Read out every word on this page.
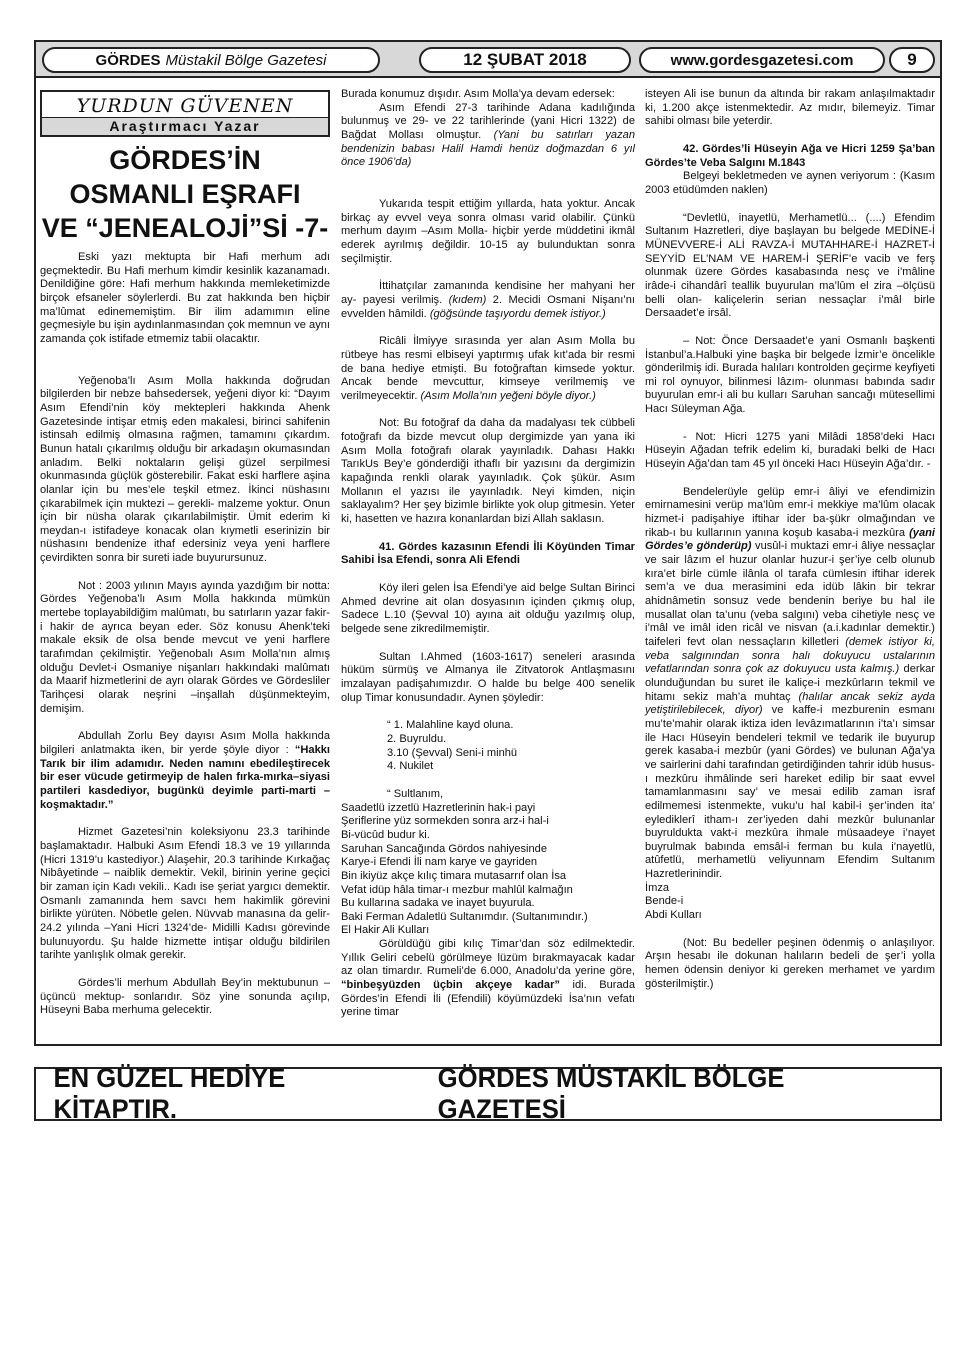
GÖRDES Müstakil Bölge Gazetesi	12 ŞUBAT 2018	www.gordesgazetesi.com	9
YURDUN GÜVENEN
Araştırmacı Yazar
GÖRDES’İN
OSMANLI EŞRAFI
VE “JENEALOJİ”Sİ -7-

Eski yazı mektupta bir Hafi merhum adı geçmektedir. Bu Hafi merhum kimdir kesinlik kazanamadı. Denildiğine göre: Hafi merhum hakkında memleketimizde birçok efsaneler söylerlerdi. Bu zat hakkında ben hiçbir ma’lûmat edinememiştim. Bir ilim adamımın eline geçmesiyle bu işin aydınlanmasından çok memnun ve aynı zamanda çok istifade etmemiz tabii olacaktır.

Yeğenoba’lı Asım Molla hakkında doğrudan bilgilerden bir nebze bahsedersek, yeğeni diyor ki: “Dayım Asım Efendi’nin köy mektepleri hakkında Ahenk Gazetesinde intişar etmiş eden makalesi, birinci sahifenin istinsah edilmiş olmasına rağmen, tamamını çıkardım. Bunun hatalı çıkarılmış olduğu bir arkadaşın okumasından anladım. Belki noktaların gelişi güzel serpilmesi okunmasında güçlük gösterebilir. Fakat eski harflere aşina olanlar için bu mes’ele teşkil etmez. İkinci nüshasını çıkarabilmek için muktezi – gerekli- malzeme yoktur. Onun için bir nüsha olarak çıkarılabilmiştir. Ümit ederim ki meydan-ı istifadeye konacak olan kıymetli eserinizin bir nüshasını bendenize ithaf edersiniz veya yeni harflere çevirdikten sonra bir sureti iade buyurursunuz.

Not : 2003 yılının Mayıs ayında yazdığım bir notta: Gördes Yeğenoba’lı Asım Molla hakkında mümkün mertebe toplayabildiğim malûmatı, bu satırların yazar fakir-i hakir de ayrıca beyan eder. Söz konusu Ahenk’teki makale eksik de olsa bende mevcut ve yeni harflere tarafımdan çekilmiştir. Yeğenobalı Asım Molla’nın almış olduğu Devlet-i Osmaniye nişanları hakkındaki malûmatı da Maarif hizmetlerini de ayrı olarak Gördes ve Gördesliler Tarihçesi olarak neşrini –inşallah düşünmekteyim, demişim.

Abdullah Zorlu Bey dayısı Asım Molla hakkında bilgileri anlatmakta iken, bir yerde şöyle diyor : “Hakkı Tarık bir ilim adamıdır. Neden namını ebedileştirecek bir eser vücude getirmeyip de halen fırka-mırka–siyasi partileri kasdediyor, bugünkü deyimle parti-marti – koşmaktadır.”

Hizmet Gazetesi’nin koleksiyonu 23.3 tarihinde başlamaktadır. Halbuki Asım Efendi 18.3 ve 19 yıllarında (Hicri 1319’u kastediyor.) Alaşehir, 20.3 tarihinde Kırkağaç Nibâyetinde – naiblik demektir. Vekil, birinin yerine geçici bir zaman için Kadı vekili.. Kadı ise şeriat yargıcı demektir. Osmanlı zamanında hem savcı hem hakimlik görevini birlikte yürüten. Nöbetle gelen. Nüvvab manasına da gelir- 24.2 yılında –Yani Hicri 1324’de- Midilli Kadısı görevinde bulunuyordu. Şu halde hizmette intişar olduğu bildirilen tarihte yanlışlık olmak gerekir.

Gördes’li merhum Abdullah Bey’in mektubunun –üçüncü mektup- sonlarıdır. Söz yine sonunda açılıp, Hüseyni Baba merhuma gelecektir.

Burada konumuz dışıdır. Asım Molla’ya devam edersek:

Asım Efendi 27-3 tarihinde Adana kadılığında bulunmuş ve 29- ve 22 tarihlerinde (yani Hicri 1322) de Bağdat Mollası olmuştur. (Yani bu satırları yazan bendenizin babası Halil Hamdi henüz doğmazdan 6 yıl önce 1906’da)

Yukarıda tespit ettiğim yıllarda, hata yoktur. Ancak birkaç ay evvel veya sonra olması varid olabilir. Çünkü merhum dayım –Asım Molla- hiçbir yerde müddetini ikmâl ederek ayrılmış değildir. 10-15 ay bulunduktan sonra seçilmiştir.

İttihatçılar zamanında kendisine her mahyani her ay- payesi verilmiş. (kıdem) 2. Mecidi Osmani Nişanı’nı evvelden hâmildi. (göğsünde taşıyordu demek istiyor.)

Ricâli İlmiyye sırasında yer alan Asım Molla bu rütbeye has resmi elbiseyi yaptırmış ufak kıt’ada bir resmi de bana hediye etmişti. Bu fotoğraftan kimsede yoktur. Ancak bende mevcuttur, kimseye verilmemiş ve verilmeyecektir. (Asım Molla’nın yeğeni böyle diyor.)

Not: Bu fotoğraf da daha da madalyası tek cübbeli fotoğrafı da bizde mevcut olup dergimizde yan yana iki Asım Molla fotoğrafı olarak yayınladık. Dahası Hakkı TarıkUs Bey’e gönderdiği ithaflı bir yazısını da dergimizin kapağında renkli olarak yayınladık. Çok şükür. Asım Mollanın el yazısı ile yayınladık. Neyi kimden, niçin saklayalım? Her şey bizimle birlikte yok olup gitmesin. Yeter ki, hasetten ve hazıra konanlardan bizi Allah saklasın.

41. Gördes kazasının Efendi İli Köyünden Timar Sahibi İsa Efendi, sonra Ali Efendi

Köy ileri gelen İsa Efendi’ye aid belge Sultan Birinci Ahmed devrine ait olan dosyasının içinden çıkmış olup, Sadece L.10 (Şevval 10) ayına ait olduğu yazılmış olup, belgede sene zikredilmemiştir.

Sultan I.Ahmed (1603-1617) seneleri arasında hüküm sürmüş ve Almanya ile Zitvatorok Antlaşmasını imzalayan padişahımızdır. O halde bu belge 400 senelik olup Timar konusundadır. Aynen şöyledir:

“ 1. Malahline kayd oluna.

2. Buyruldu.

3.10 (Şevval) Seni-i minhü

4. Nukilet

“ Sultlanım,

Saadetlü izzetlü Hazretlerinin hak-i payi

Şeriflerine yüz sormekden sonra arz-i hal-i

Bi-vücûd budur ki.

Saruhan Sancağında Gördos nahiyesinde

Karye-i Efendi İli nam karye ve gayriden

Bin ikiyüz akçe kılıç timara mutasarrıf olan İsa

Vefat idüp hâla timar-ı mezbur mahlûl kalmağın

Bu kullarına sadaka ve inayet buyurula.

Baki Ferman Adaletlü Sultanımdır. (Sultanımındır.)

El Hakir Ali Kulları

Görüldüğü gibi kılıç Timar’dan söz edilmektedir. Yıllık Geliri cebelü görülmeye lüzüm bırakmayacak kadar az olan timardır. Rumeli’de 6.000, Anadolu’da yerine göre, “binbeşyüzden üçbin akçeye kadar” idi. Burada Gördes’in Efendi İli (Efendili) köyümüzdeki İsa’nın vefatı yerine timar

isteyen Ali ise bunun da altında bir rakam anlaşılmaktadır ki, 1.200 akçe istenmektedir. Az mıdır, bilemeyiz. Timar sahibi olması bile yeterdir.

42. Gördes’li Hüseyin Ağa ve Hicri 1259 Şa’ban Gördes’te Veba Salgını M.1843

Belgeyi bekletmeden ve aynen veriyorum : (Kasım 2003 etüdümden naklen)

“Devletlü, inayetlü, Merhametlü... (....) Efendim Sultanım Hazretleri, diye başlayan bu belgede MEDİNE-İ MÜNEVVERE-İ ALİ RAVZA-İ MUTAHHARE-İ HAZRET-İ SEYYİD EL’NAM VE HAREM-İ ŞERİF’e vacib ve ferş olunmak üzere Gördes kasabasında nesç ve i’mâline irâde-i cihandârî teallik buyurulan ma’lûm el zira –ölçüsü belli olan- kaliçelerin serian nessaçlar i’mâl birle Dersaadet’e irsâl.

– Not: Önce Dersaadet’e yani Osmanlı başkenti İstanbul’a.Halbuki yine başka bir belgede İzmir’e öncelikle gönderilmiş idi. Burada halıları kontrolden geçirme keyfiyeti mi rol oynuyor, bilinmesi lâzım- olunması babında sadır buyurulan emr-i ali bu kulları Saruhan sancağı mütesellimi Hacı Süleyman Ağa.

- Not: Hicri 1275 yani Milâdi 1858’deki Hacı Hüseyin Ağadan tefrik edelim ki, buradaki belki de Hacı Hüseyin Ağa’dan tam 45 yıl önceki Hacı Hüseyin Ağa’dır. -

Bendelerüyle gelüp emr-i âliyi ve efendimizin emirnamesini verüp ma’lûm emr-i mekkiye ma’lûm olacak hizmet-i padişahiye iftihar ider ba-şükr olmağından ve rikab-ı bu kullarının yanına koşub kasaba-i mezkûra (yani Gördes’e gönderüp) vusûl-i muktazi emr-i âliye nessaçlar ve sair lâzım el huzur olanlar huzur-i şer’iye celb olunub kıra’et birle cümle ilânla ol tarafa cümlesin iftihar iderek sem’a ve dua merasimini eda idüb lâkin bir tekrar ahidnâmetin sonsuz vede bendenin beriye bu hal ile musallat olan ta’unu (veba salgını) veba cihetiyle nesç ve i’mâl ve imâl iden ricâl ve nisvan (a.i.kadınlar demektir.) taifeleri fevt olan nessaçların killetleri (demek istiyor ki, veba salgınından sonra halı dokuyucu ustalarının vefatlarından sonra çok az dokuyucu usta kalmış.) derkar olunduğundan bu suret ile kaliçe-i mezkûrların tekmil ve hitamı sekiz mah’a muhtaç (halılar ancak sekiz ayda yetiştirilebilecek, diyor) ve kaffe-i mezburenin esmanı mu’te’mahir olarak iktiza iden levâzımatlarının i’ta’ı simsar ile Hacı Hüseyin bendeleri tekmil ve tedarik ile buyurup gerek kasaba-i mezbûr (yani Gördes) ve bulunan Ağa’ya ve sairlerini dahi tarafından getirdiğinden tahrir idüb husus-ı mezkûru ihmâlinde seri hareket edilip bir saat evvel tamamlanmasını say’ ve mesai edilib zaman israf edilmemesi istenmekte, vuku’u hal kabil-i şer’inden ita’ eylediklerî itham-ı zer’iyeden dahi mezkûr bulunanlar buyruldukta vakt-i mezkûra ihmale müsaadeye i’nayet buyrulmak babında emsâl-i ferman bu kula i’nayetlü, atûfetlü, merhametlü veliyunnam Efendim Sultanım Hazretlerinindir.

İmza

Bende-i

Abdi Kulları

(Not: Bu bedeller peşinen ödenmiş o anlaşılıyor. Arşın hesabı ile dokunan halıların bedeli de şer’i yolla hemen ödensin deniyor ki gereken merhamet ve yardım gösterilmiştir.)

EN GÜZEL HEDİYE KİTAPTIR.
GÖRDES MÜSTAKİL BÖLGE GAZETESİ
